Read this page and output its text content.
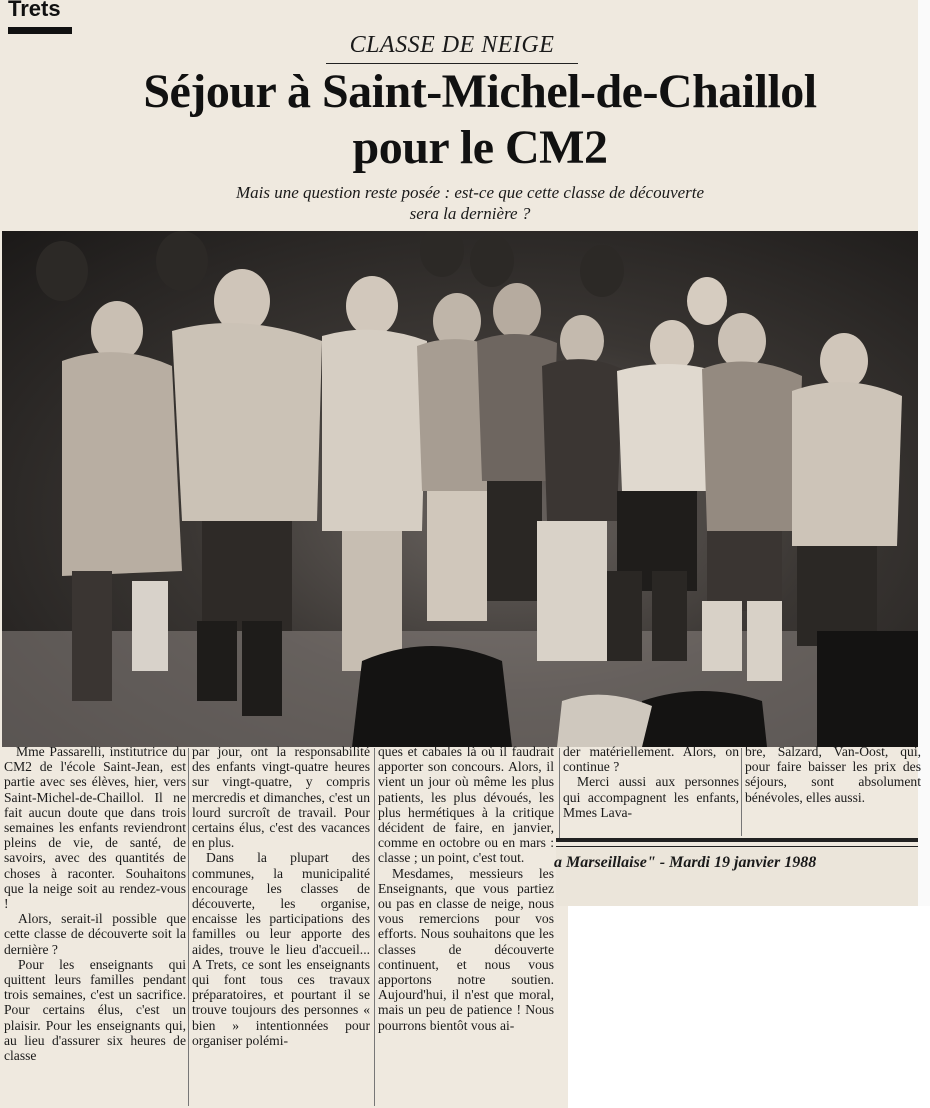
Trets
CLASSE DE NEIGE
Séjour à Saint-Michel-de-Chaillol
pour le CM2
Mais une question reste posée : est-ce que cette classe de découverte
sera la dernière ?

Mme Passarelli, institutrice du CM2 de l'école Saint-Jean, est partie avec ses élèves, hier, vers Saint-Michel-de-Chaillol. Il ne fait aucun doute que dans trois semaines les enfants reviendront pleins de vie, de santé, de savoirs, avec des quantités de choses à raconter. Souhaitons que la neige soit au rendez-vous !

Alors, serait-il possible que cette classe de découverte soit la dernière ?

Pour les enseignants qui quittent leurs familles pendant trois semaines, c'est un sacrifice. Pour certains élus, c'est un plaisir. Pour les enseignants qui, au lieu d'assurer six heures de classe

par jour, ont la responsabilité des enfants vingt-quatre heures sur vingt-quatre, y compris mercredis et dimanches, c'est un lourd surcroît de travail. Pour certains élus, c'est des vacances en plus.

Dans la plupart des communes, la municipalité encourage les classes de découverte, les organise, encaisse les participations des familles ou leur apporte des aides, trouve le lieu d'accueil... A Trets, ce sont les enseignants qui font tous ces travaux préparatoires, et pourtant il se trouve toujours des personnes « bien » intentionnées pour organiser polémi-

ques et cabales là où il faudrait apporter son concours. Alors, il vient un jour où même les plus patients, les plus dévoués, les plus hermétiques à la critique décident de faire, en janvier, comme en octobre ou en mars : classe ; un point, c'est tout.

Mesdames, messieurs les Enseignants, que vous partiez ou pas en classe de neige, nous vous remercions pour vos efforts. Nous souhaitons que les classes de découverte continuent, et nous vous apportons notre soutien. Aujourd'hui, il n'est que moral, mais un peu de patience ! Nous pourrons bientôt vous ai-

der matériellement. Alors, on continue ?

Merci aussi aux personnes qui accompagnent les enfants, Mmes Lava-

bre, Salzard, Van-Oost, qui, pour faire baisser les prix des séjours, sont absolument bénévoles, elles aussi.

a Marseillaise" - Mardi 19 janvier 1988
